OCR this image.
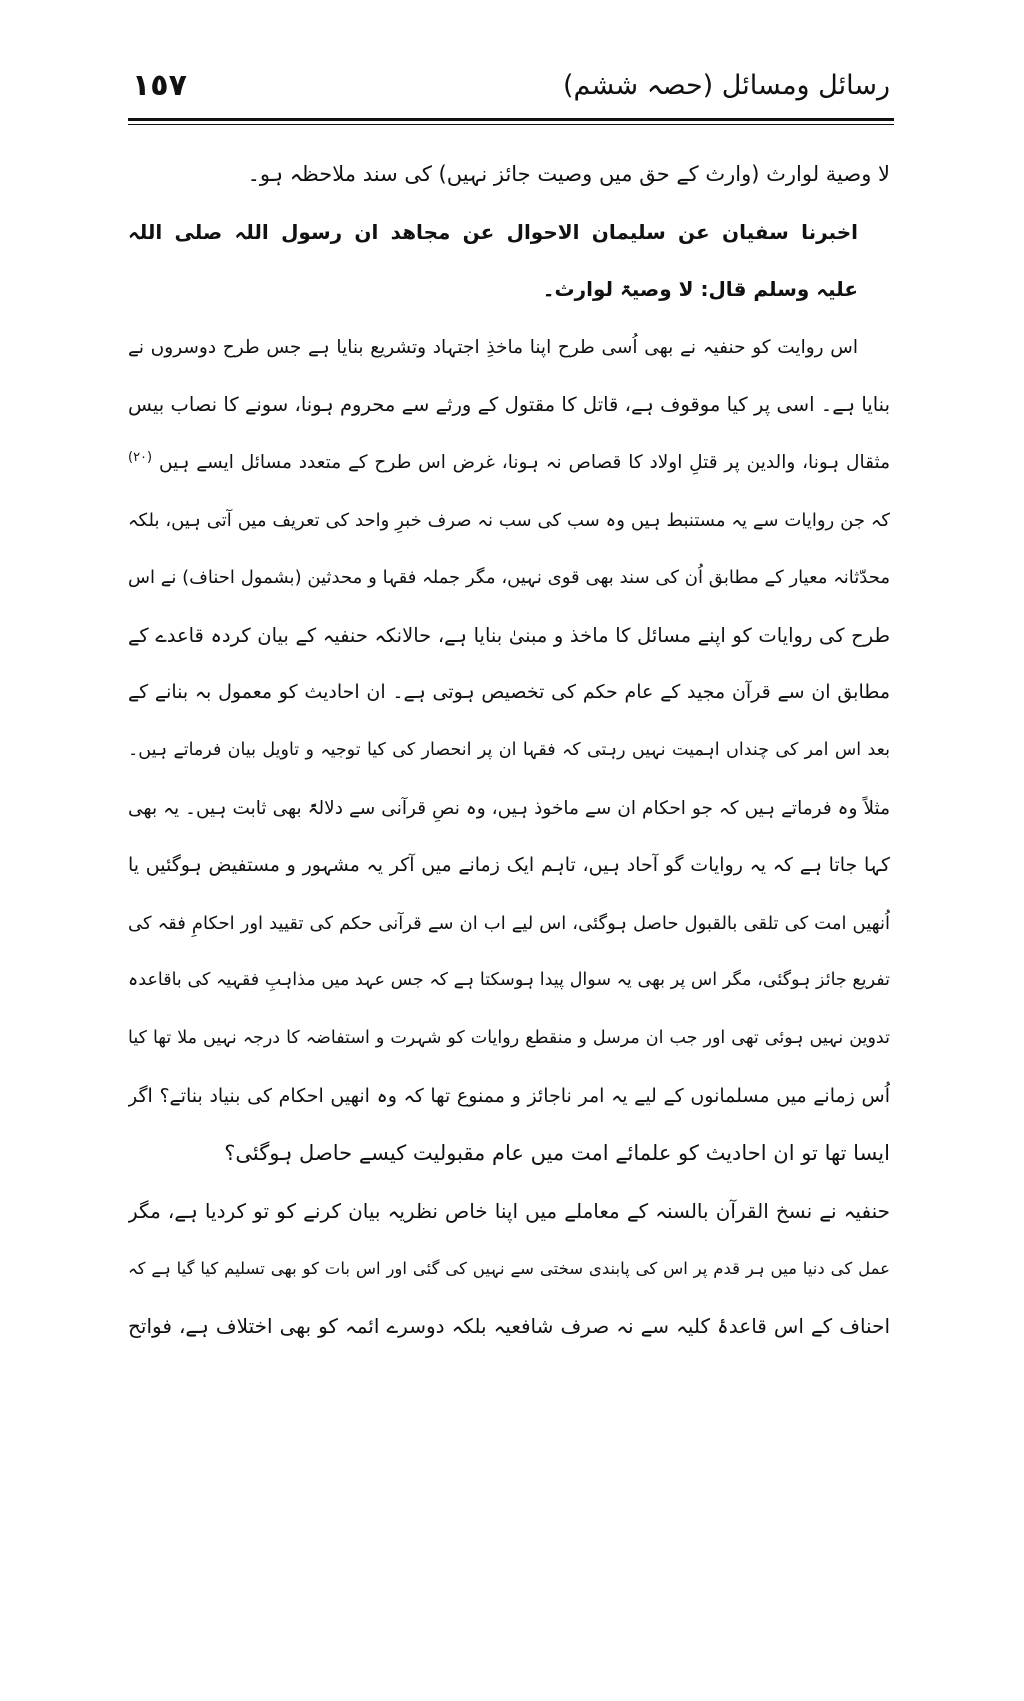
رسائل ومسائل (حصہ ششم)
١٥٧
لا وصية لوارث (وارث کے حق میں وصیت جائز نہیں) کی سند ملاحظہ ہو۔
اخبرنا سفیان عن سلیمان الاحوال عن مجاھد ان رسول اللہ صلی اللہ
علیہ وسلم قال: لا وصیۃ لوارث۔
اس روایت کو حنفیہ نے بھی اُسی طرح اپنا ماخذِ اجتہاد وتشریع بنایا ہے جس طرح دوسروں نے
بنایا ہے۔ اسی پر کیا موقوف ہے، قاتل کا مقتول کے ورثے سے محروم ہونا، سونے کا نصاب بیس
مثقال ہونا، والدین پر قتلِ اولاد کا قصاص نہ ہونا، غرض اس طرح کے متعدد مسائل ایسے ہیں $^{(٢٠)}$
کہ جن روایات سے یہ مستنبط ہیں وہ سب کی سب نہ صرف خبرِ واحد کی تعریف میں آتی ہیں، بلکہ
محدّثانہ معیار کے مطابق اُن کی سند بھی قوی نہیں، مگر جملہ فقہا و محدثین (بشمول احناف) نے اس
طرح کی روایات کو اپنے مسائل کا ماخذ و مبنیٰ بنایا ہے، حالانکہ حنفیہ کے بیان کردہ قاعدے کے
مطابق ان سے قرآن مجید کے عام حکم کی تخصیص ہوتی ہے۔ ان احادیث کو معمول بہ بنانے کے
بعد اس امر کی چنداں اہمیت نہیں رہتی کہ فقہا ان پر انحصار کی کیا توجیہ و تاویل بیان فرماتے ہیں۔
مثلاً وہ فرماتے ہیں کہ جو احکام ان سے ماخوذ ہیں، وہ نصِ قرآنی سے دلالۃً بھی ثابت ہیں۔ یہ بھی
کہا جاتا ہے کہ یہ روایات گو آحاد ہیں، تاہم ایک زمانے میں آکر یہ مشہور و مستفیض ہوگئیں یا
اُنھیں امت کی تلقی بالقبول حاصل ہوگئی، اس لیے اب ان سے قرآنی حکم کی تقیید اور احکامِ فقہ کی
تفریع جائز ہوگئی، مگر اس پر بھی یہ سوال پیدا ہوسکتا ہے کہ جس عہد میں مذاہبِ فقہیہ کی باقاعدہ
تدوین نہیں ہوئی تھی اور جب ان مرسل و منقطع روایات کو شہرت و استفاضہ کا درجہ نہیں ملا تھا کیا
اُس زمانے میں مسلمانوں کے لیے یہ امر ناجائز و ممنوع تھا کہ وہ انھیں احکام کی بنیاد بناتے؟ اگر
ایسا تھا تو ان احادیث کو علمائے امت میں عام مقبولیت کیسے حاصل ہوگئی؟
حنفیہ نے نسخ القرآن بالسنہ کے معاملے میں اپنا خاص نظریہ بیان کرنے کو تو کردیا ہے، مگر
عمل کی دنیا میں ہر قدم پر اس کی پابندی سختی سے نہیں کی گئی اور اس بات کو بھی تسلیم کیا گیا ہے کہ
احناف کے اس قاعدۂ کلیہ سے نہ صرف شافعیہ بلکہ دوسرے ائمہ کو بھی اختلاف ہے، فواتح
